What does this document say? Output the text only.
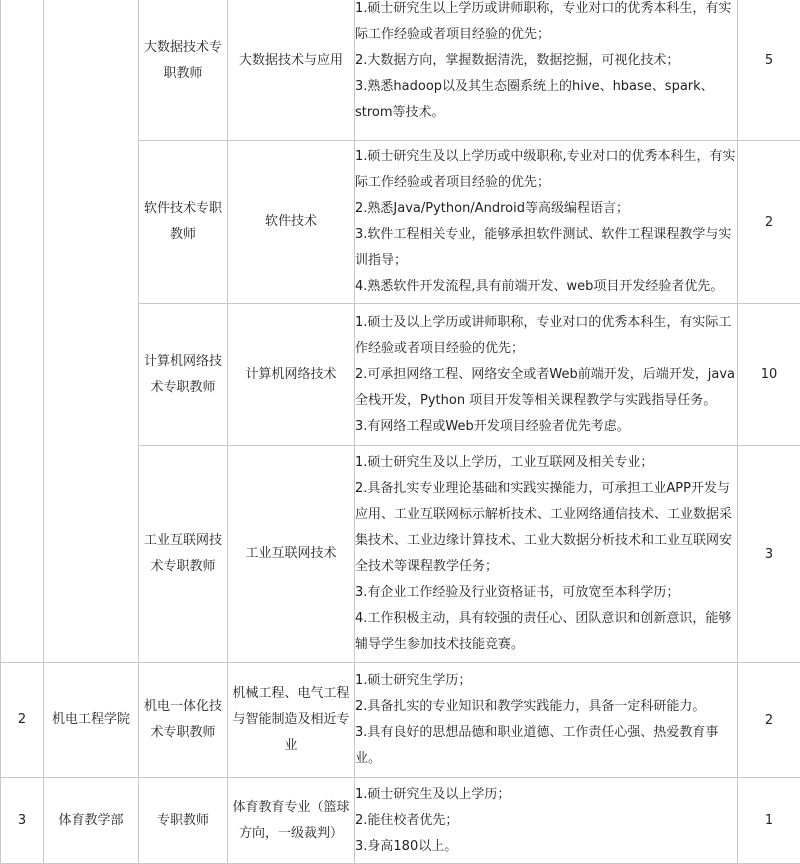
		大数据技术专职教师	大数据技术与应用	1.硕士研究生以上学历或讲师职称，专业对口的优秀本科生，有实际工作经验或者项目经验的优先；
2.大数据方向，掌握数据清洗，数据挖掘，可视化技术；
3.熟悉hadoop以及其生态圈系统上的hive、hbase、spark、strom等技术。	5
		软件技术专职教师	软件技术	1.硕士研究生及以上学历或中级职称,专业对口的优秀本科生，有实际工作经验或者项目经验的优先；
2.熟悉Java/Python/Android等高级编程语言；
3.软件工程相关专业，能够承担软件测试、软件工程课程教学与实训指导；
4.熟悉软件开发流程,具有前端开发、web项目开发经验者优先。	2
		计算机网络技术专职教师	计算机网络技术	1.硕士及以上学历或讲师职称，专业对口的优秀本科生，有实际工作经验或者项目经验的优先；
2.可承担网络工程、网络安全或者Web前端开发，后端开发，java全栈开发，Python 项目开发等相关课程教学与实践指导任务。
3.有网络工程或Web开发项目经验者优先考虑。	10
		工业互联网技术专职教师	工业互联网技术	1.硕士研究生及以上学历，工业互联网及相关专业；
2.具备扎实专业理论基础和实践实操能力，可承担工业APP开发与应用、工业互联网标示解析技术、工业网络通信技术、工业数据采集技术、工业边缘计算技术、工业大数据分析技术和工业互联网安全技术等课程教学任务；
3.有企业工作经验及行业资格证书，可放宽至本科学历；
4.工作积极主动，具有较强的责任心、团队意识和创新意识，能够辅导学生参加技术技能竞赛。	3
2	机电工程学院	机电一体化技术专职教师	机械工程、电气工程与智能制造及相近专业	1.硕士研究生学历；
2.具备扎实的专业知识和教学实践能力，具备一定科研能力。
3.具有良好的思想品德和职业道德、工作责任心强、热爱教育事业。	2
3	体育教学部	专职教师	体育教育专业（篮球方向，一级裁判）	1.硕士研究生及以上学历；
2.能住校者优先；
3.身高180以上。	1
